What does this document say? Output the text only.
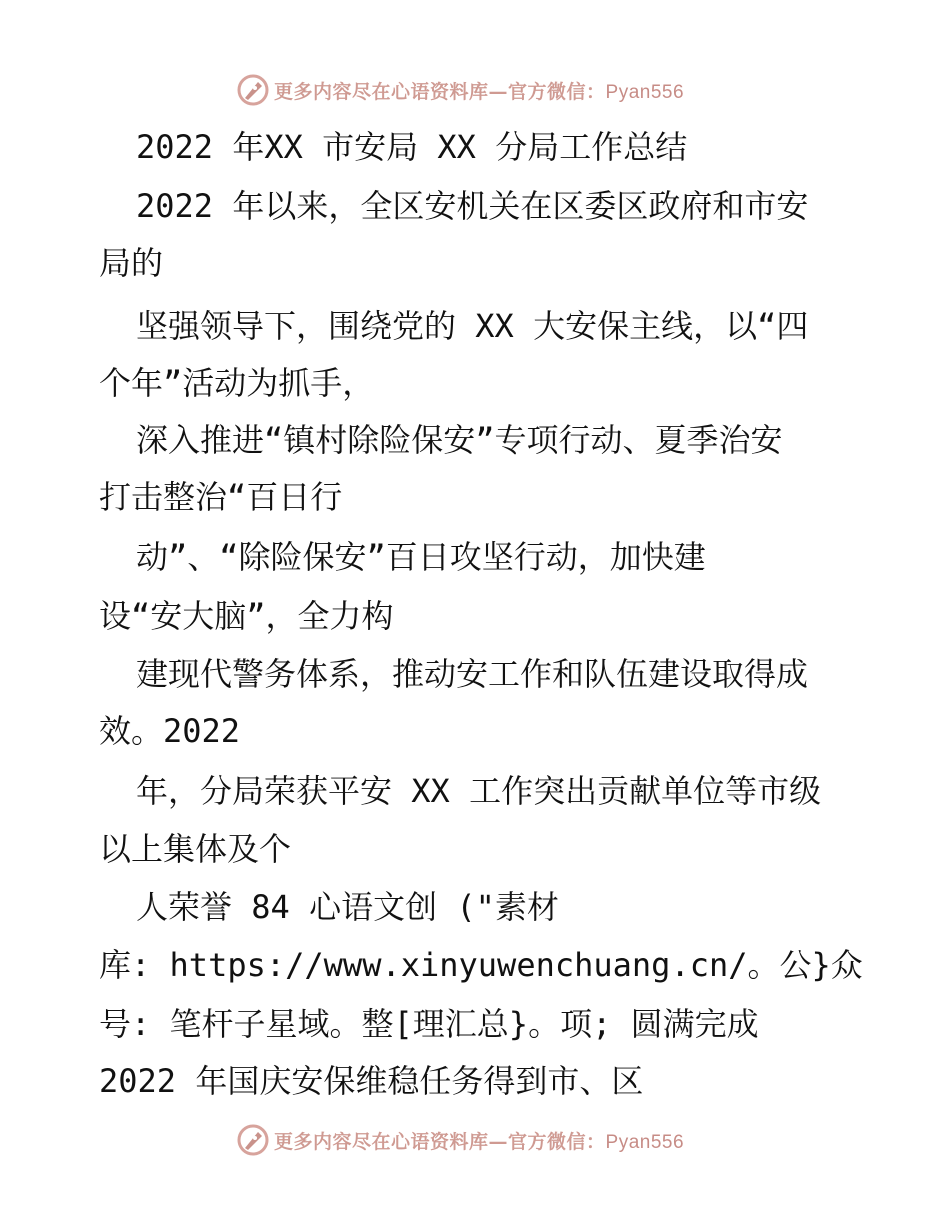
更多内容尽在心语资料库—官方微信：Pyan556
2022 年XX 市安局 XX 分局工作总结
2022 年以来，全区安机关在区委区政府和市安
局的
坚强领导下，围绕党的 XX 大安保主线，以“四
个年”活动为抓手，
深入推进“镇村除险保安”专项行动、夏季治安
打击整治“百日行
动”、“除险保安”百日攻坚行动，加快建
设“安大脑”，全力构
建现代警务体系，推动安工作和队伍建设取得成
效。2022
年，分局荣获平安 XX 工作突出贡献单位等市级
以上集体及个
人荣誉 84 心语文创 ("素材
库: https://www.xinyuwenchuang.cn/。公}众
号: 笔杆子星域。整[理汇总}。项; 圆满完成
2022 年国庆安保维稳任务得到市、区
更多内容尽在心语资料库—官方微信：Pyan556
